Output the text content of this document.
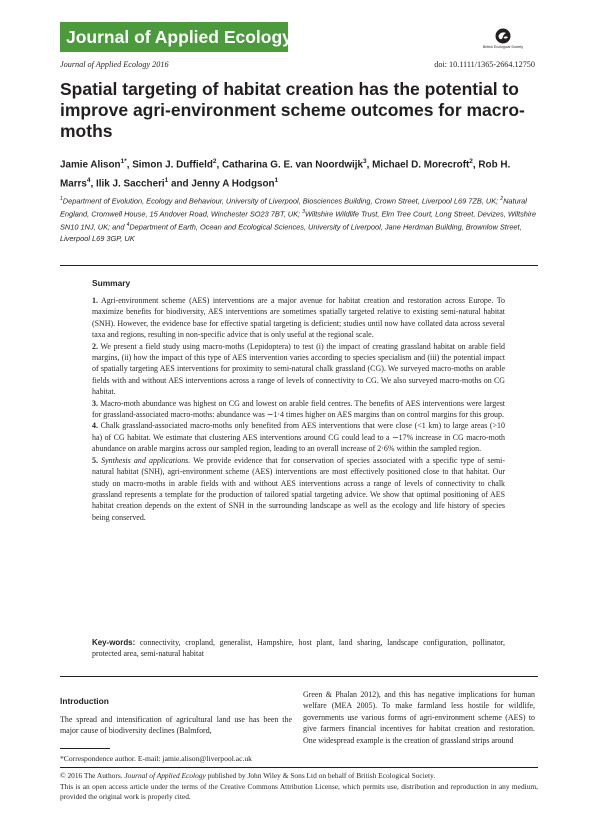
Journal of Applied Ecology	British Ecological Society
Journal of Applied Ecology 2016	doi: 10.1111/1365-2664.12750
Spatial targeting of habitat creation has the potential to improve agri-environment scheme outcomes for macro-moths
Jamie Alison$^{1*}$, Simon J. Duffield$^2$, Catharina G. E. van Noordwijk$^3$, Michael D. Morecroft$^2$, Rob H. Marrs$^4$, Ilik J. Saccheri$^1$ and Jenny A Hodgson$^1$
$^1$Department of Evolution, Ecology and Behaviour, University of Liverpool, Biosciences Building, Crown Street, Liverpool L69 7ZB, UK; $^2$Natural England, Cromwell House, 15 Andover Road, Winchester SO23 7BT, UK; $^3$Wiltshire Wildlife Trust, Elm Tree Court, Long Street, Devizes, Wiltshire SN10 1NJ, UK; and $^4$Department of Earth, Ocean and Ecological Sciences, University of Liverpool, Jane Herdman Building, Brownlow Street, Liverpool L69 3GP, UK
Summary

1. Agri-environment scheme (AES) interventions are a major avenue for habitat creation and restoration across Europe. To maximize benefits for biodiversity, AES interventions are sometimes spatially targeted relative to existing semi-natural habitat (SNH). However, the evidence base for effective spatial targeting is deficient; studies until now have collated data across several taxa and regions, resulting in non-specific advice that is only useful at the regional scale.

2. We present a field study using macro-moths (Lepidoptera) to test (i) the impact of creating grassland habitat on arable field margins, (ii) how the impact of this type of AES intervention varies according to species specialism and (iii) the potential impact of spatially targeting AES interventions for proximity to semi-natural chalk grassland (CG). We surveyed macro-moths on arable fields with and without AES interventions across a range of levels of connectivity to CG. We also surveyed macro-moths on CG habitat.

3. Macro-moth abundance was highest on CG and lowest on arable field centres. The benefits of AES interventions were largest for grassland-associated macro-moths: abundance was ∼1·4 times higher on AES margins than on control margins for this group.

4. Chalk grassland-associated macro-moths only benefited from AES interventions that were close (<1 km) to large areas (>10 ha) of CG habitat. We estimate that clustering AES interventions around CG could lead to a ∼17% increase in CG macro-moth abundance on arable margins across our sampled region, leading to an overall increase of 2·6% within the sampled region.

5. Synthesis and applications. We provide evidence that for conservation of species associated with a specific type of semi-natural habitat (SNH), agri-environment scheme (AES) interventions are most effectively positioned close to that habitat. Our study on macro-moths in arable fields with and without AES interventions across a range of levels of connectivity to chalk grassland represents a template for the production of tailored spatial targeting advice. We show that optimal positioning of AES habitat creation depends on the extent of SNH in the surrounding landscape as well as the ecology and life history of species being conserved.

Key-words: connectivity, cropland, generalist, Hampshire, host plant, land sharing, landscape configuration, pollinator, protected area, semi-natural habitat
Introduction

The spread and intensification of agricultural land use has been the major cause of biodiversity declines (Balmford,

Green & Phalan 2012), and this has negative implications for human welfare (MEA 2005). To make farmland less hostile for wildlife, governments use various forms of agri-environment scheme (AES) to give farmers financial incentives for habitat creation and restoration. One widespread example is the creation of grassland strips around

*Correspondence author. E-mail: jamie.alison@liverpool.ac.uk

© 2016 The Authors. Journal of Applied Ecology published by John Wiley & Sons Ltd on behalf of British Ecological Society.

This is an open access article under the terms of the Creative Commons Attribution License, which permits use, distribution and reproduction in any medium, provided the original work is properly cited.
